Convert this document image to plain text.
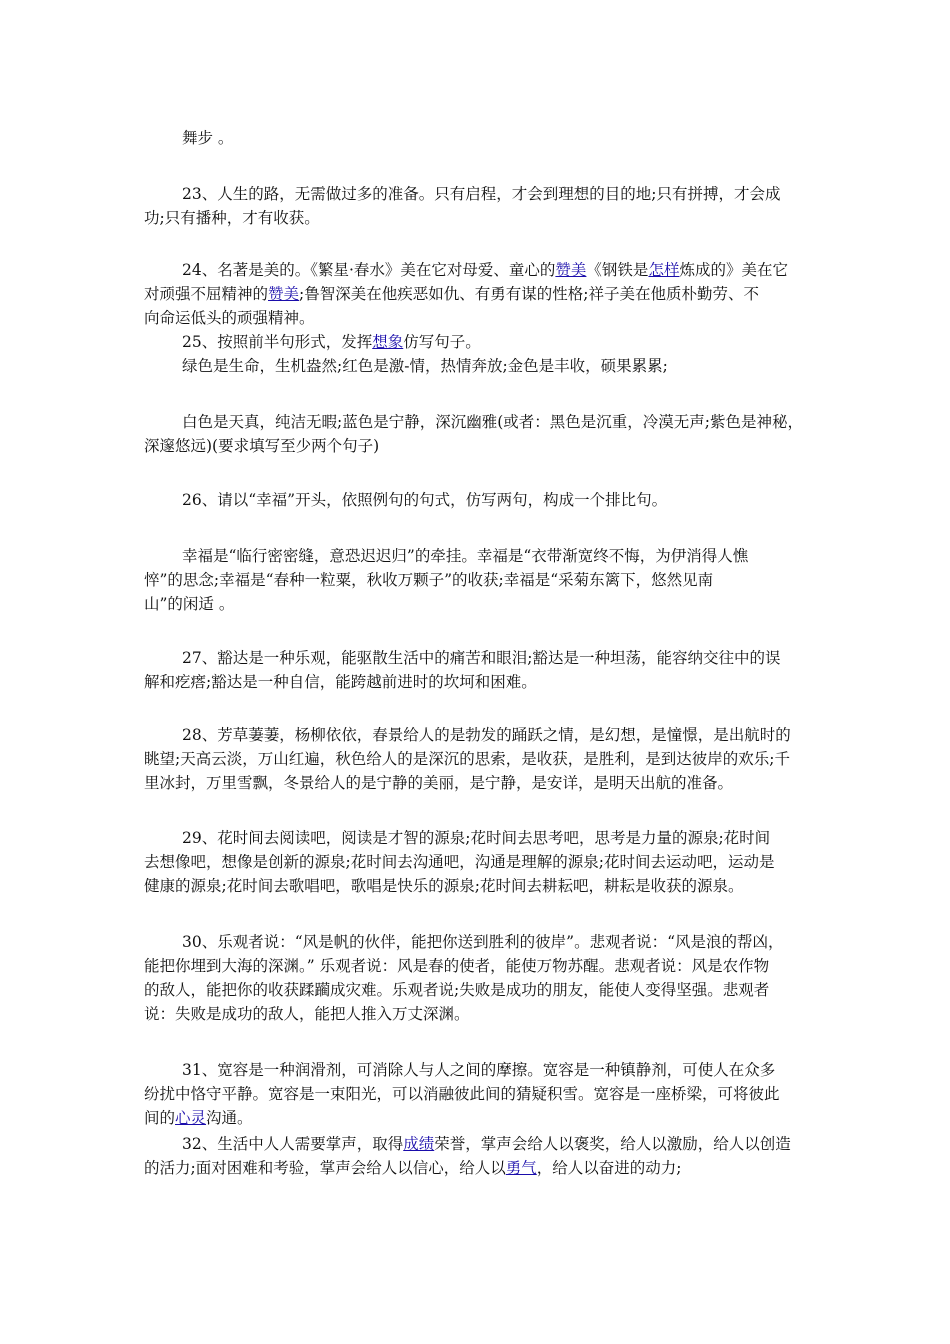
舞步 。

23、人生的路，无需做过多的准备。只有启程，才会到理想的目的地;只有拼搏，才会成
功;只有播种，才有收获。

24、名著是美的。《繁星·春水》美在它对母爱、童心的赞美《钢铁是怎样炼成的》美在它
对顽强不屈精神的赞美;鲁智深美在他疾恶如仇、有勇有谋的性格;祥子美在他质朴勤劳、不
向命运低头的顽强精神。

25、按照前半句形式，发挥想象仿写句子。
绿色是生命，生机盎然;红色是激-情，热情奔放;金色是丰收，硕果累累;

白色是天真，纯洁无暇;蓝色是宁静，深沉幽雅(或者：黑色是沉重，冷漠无声;紫色是神秘，
深邃悠远)(要求填写至少两个句子)

26、请以“幸福”开头，依照例句的句式，仿写两句，构成一个排比句。

幸福是“临行密密缝，意恐迟迟归”的牵挂。幸福是“衣带渐宽终不悔，为伊消得人憔
悴”的思念;幸福是“春种一粒粟，秋收万颗子”的收获;幸福是“采菊东篱下，悠然见南
山”的闲适 。

27、豁达是一种乐观，能驱散生活中的痛苦和眼泪;豁达是一种坦荡，能容纳交往中的误
解和疙瘩;豁达是一种自信，能跨越前进时的坎坷和困难。

28、芳草萋萋，杨柳依依，春景给人的是勃发的踊跃之情，是幻想，是憧憬，是出航时的
眺望;天高云淡，万山红遍，秋色给人的是深沉的思索，是收获，是胜利，是到达彼岸的欢乐;千
里冰封，万里雪飘，冬景给人的是宁静的美丽，是宁静，是安详，是明天出航的准备。

29、花时间去阅读吧，阅读是才智的源泉;花时间去思考吧，思考是力量的源泉;花时间
去想像吧，想像是创新的源泉;花时间去沟通吧，沟通是理解的源泉;花时间去运动吧，运动是
健康的源泉;花时间去歌唱吧，歌唱是快乐的源泉;花时间去耕耘吧，耕耘是收获的源泉。

30、乐观者说：“风是帆的伙伴，能把你送到胜利的彼岸”。悲观者说：“风是浪的帮凶，
能把你埋到大海的深渊。” 乐观者说：风是春的使者，能使万物苏醒。悲观者说：风是农作物
的敌人，能把你的收获蹂躏成灾难。乐观者说;失败是成功的朋友，能使人变得坚强。悲观者
说：失败是成功的敌人，能把人推入万丈深渊。

31、宽容是一种润滑剂，可消除人与人之间的摩擦。宽容是一种镇静剂，可使人在众多
纷扰中恪守平静。宽容是一束阳光，可以消融彼此间的猜疑积雪。宽容是一座桥梁，可将彼此
间的心灵沟通。

32、生活中人人需要掌声，取得成绩荣誉，掌声会给人以褒奖，给人以激励，给人以创造
的活力;面对困难和考验，掌声会给人以信心，给人以勇气，给人以奋进的动力;
